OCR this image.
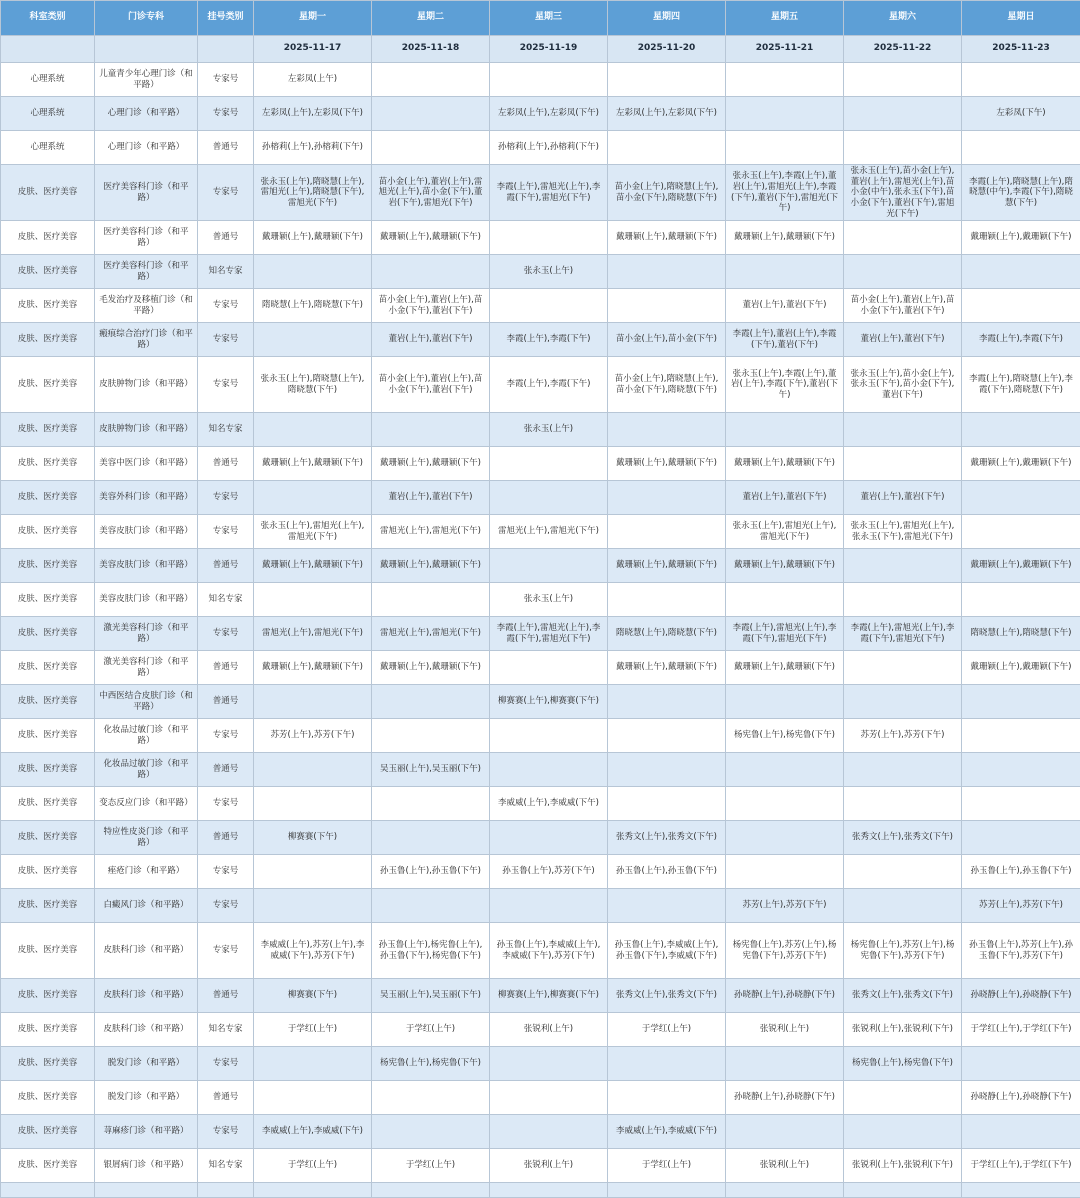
科室类别	门诊专科	挂号类别	星期一	星期二	星期三	星期四	星期五	星期六	星期日
			2025-11-17	2025-11-18	2025-11-19	2025-11-20	2025-11-21	2025-11-22	2025-11-23
心理系统	儿童青少年心理门诊（和平路）	专家号	左彩凤(上午)						
心理系统	心理门诊（和平路）	专家号	左彩凤(上午),左彩凤(下午)		左彩凤(上午),左彩凤(下午)	左彩凤(上午),左彩凤(下午)			左彩凤(下午)
心理系统	心理门诊（和平路）	普通号	孙榕莉(上午),孙榕莉(下午)		孙榕莉(上午),孙榕莉(下午)				
皮肤、医疗美容	医疗美容科门诊（和平路）	专家号	张永玉(上午),隋晓慧(上午),雷旭光(上午),隋晓慧(下午),雷旭光(下午)	苗小金(上午),董岩(上午),雷旭光(上午),苗小金(下午),董岩(下午),雷旭光(下午)	李霞(上午),雷旭光(上午),李霞(下午),雷旭光(下午)	苗小金(上午),隋晓慧(上午),苗小金(下午),隋晓慧(下午)	张永玉(上午),李霞(上午),董岩(上午),雷旭光(上午),李霞(下午),董岩(下午),雷旭光(下午)	张永玉(上午),苗小金(上午),董岩(上午),雷旭光(上午),苗小金(中午),张永玉(下午),苗小金(下午),董岩(下午),雷旭光(下午)	李霞(上午),隋晓慧(上午),隋晓慧(中午),李霞(下午),隋晓慧(下午)
皮肤、医疗美容	医疗美容科门诊（和平路）	普通号	戴珊颖(上午),戴珊颖(下午)	戴珊颖(上午),戴珊颖(下午)		戴珊颖(上午),戴珊颖(下午)	戴珊颖(上午),戴珊颖(下午)		戴珊颖(上午),戴珊颖(下午)
皮肤、医疗美容	医疗美容科门诊（和平路）	知名专家			张永玉(上午)				
皮肤、医疗美容	毛发治疗及移植门诊（和平路）	专家号	隋晓慧(上午),隋晓慧(下午)	苗小金(上午),董岩(上午),苗小金(下午),董岩(下午)			董岩(上午),董岩(下午)	苗小金(上午),董岩(上午),苗小金(下午),董岩(下午)	
皮肤、医疗美容	瘢痕综合治疗门诊（和平路）	专家号		董岩(上午),董岩(下午)	李霞(上午),李霞(下午)	苗小金(上午),苗小金(下午)	李霞(上午),董岩(上午),李霞(下午),董岩(下午)	董岩(上午),董岩(下午)	李霞(上午),李霞(下午)
皮肤、医疗美容	皮肤肿物门诊（和平路）	专家号	张永玉(上午),隋晓慧(上午),隋晓慧(下午)	苗小金(上午),董岩(上午),苗小金(下午),董岩(下午)	李霞(上午),李霞(下午)	苗小金(上午),隋晓慧(上午),苗小金(下午),隋晓慧(下午)	张永玉(上午),李霞(上午),董岩(上午),李霞(下午),董岩(下午)	张永玉(上午),苗小金(上午),张永玉(下午),苗小金(下午),董岩(下午)	李霞(上午),隋晓慧(上午),李霞(下午),隋晓慧(下午)
皮肤、医疗美容	皮肤肿物门诊（和平路）	知名专家			张永玉(上午)				
皮肤、医疗美容	美容中医门诊（和平路）	普通号	戴珊颖(上午),戴珊颖(下午)	戴珊颖(上午),戴珊颖(下午)		戴珊颖(上午),戴珊颖(下午)	戴珊颖(上午),戴珊颖(下午)		戴珊颖(上午),戴珊颖(下午)
皮肤、医疗美容	美容外科门诊（和平路）	专家号		董岩(上午),董岩(下午)			董岩(上午),董岩(下午)	董岩(上午),董岩(下午)	
皮肤、医疗美容	美容皮肤门诊（和平路）	专家号	张永玉(上午),雷旭光(上午),雷旭光(下午)	雷旭光(上午),雷旭光(下午)	雷旭光(上午),雷旭光(下午)		张永玉(上午),雷旭光(上午),雷旭光(下午)	张永玉(上午),雷旭光(上午),张永玉(下午),雷旭光(下午)	
皮肤、医疗美容	美容皮肤门诊（和平路）	普通号	戴珊颖(上午),戴珊颖(下午)	戴珊颖(上午),戴珊颖(下午)		戴珊颖(上午),戴珊颖(下午)	戴珊颖(上午),戴珊颖(下午)		戴珊颖(上午),戴珊颖(下午)
皮肤、医疗美容	美容皮肤门诊（和平路）	知名专家			张永玉(上午)				
皮肤、医疗美容	激光美容科门诊（和平路）	专家号	雷旭光(上午),雷旭光(下午)	雷旭光(上午),雷旭光(下午)	李霞(上午),雷旭光(上午),李霞(下午),雷旭光(下午)	隋晓慧(上午),隋晓慧(下午)	李霞(上午),雷旭光(上午),李霞(下午),雷旭光(下午)	李霞(上午),雷旭光(上午),李霞(下午),雷旭光(下午)	隋晓慧(上午),隋晓慧(下午)
皮肤、医疗美容	激光美容科门诊（和平路）	普通号	戴珊颖(上午),戴珊颖(下午)	戴珊颖(上午),戴珊颖(下午)		戴珊颖(上午),戴珊颖(下午)	戴珊颖(上午),戴珊颖(下午)		戴珊颖(上午),戴珊颖(下午)
皮肤、医疗美容	中西医结合皮肤门诊（和平路）	普通号			柳赛赛(上午),柳赛赛(下午)				
皮肤、医疗美容	化妆品过敏门诊（和平路）	专家号	苏芳(上午),苏芳(下午)				杨宪鲁(上午),杨宪鲁(下午)	苏芳(上午),苏芳(下午)	
皮肤、医疗美容	化妆品过敏门诊（和平路）	普通号		吴玉丽(上午),吴玉丽(下午)					
皮肤、医疗美容	变态反应门诊（和平路）	专家号			李威威(上午),李威威(下午)				
皮肤、医疗美容	特应性皮炎门诊（和平路）	普通号	柳赛赛(下午)			张秀文(上午),张秀文(下午)		张秀文(上午),张秀文(下午)	
皮肤、医疗美容	痤疮门诊（和平路）	专家号		孙玉鲁(上午),孙玉鲁(下午)	孙玉鲁(上午),苏芳(下午)	孙玉鲁(上午),孙玉鲁(下午)			孙玉鲁(上午),孙玉鲁(下午)
皮肤、医疗美容	白癜风门诊（和平路）	专家号					苏芳(上午),苏芳(下午)		苏芳(上午),苏芳(下午)
皮肤、医疗美容	皮肤科门诊（和平路）	专家号	李威威(上午),苏芳(上午),李威威(下午),苏芳(下午)	孙玉鲁(上午),杨宪鲁(上午),孙玉鲁(下午),杨宪鲁(下午)	孙玉鲁(上午),李威威(上午),李威威(下午),苏芳(下午)	孙玉鲁(上午),李威威(上午),孙玉鲁(下午),李威威(下午)	杨宪鲁(上午),苏芳(上午),杨宪鲁(下午),苏芳(下午)	杨宪鲁(上午),苏芳(上午),杨宪鲁(下午),苏芳(下午)	孙玉鲁(上午),苏芳(上午),孙玉鲁(下午),苏芳(下午)
皮肤、医疗美容	皮肤科门诊（和平路）	普通号	柳赛赛(下午)	吴玉丽(上午),吴玉丽(下午)	柳赛赛(上午),柳赛赛(下午)	张秀文(上午),张秀文(下午)	孙晓静(上午),孙晓静(下午)	张秀文(上午),张秀文(下午)	孙晓静(上午),孙晓静(下午)
皮肤、医疗美容	皮肤科门诊（和平路）	知名专家	于学红(上午)	于学红(上午)	张锐利(上午)	于学红(上午)	张锐利(上午)	张锐利(上午),张锐利(下午)	于学红(上午),于学红(下午)
皮肤、医疗美容	脱发门诊（和平路）	专家号		杨宪鲁(上午),杨宪鲁(下午)				杨宪鲁(上午),杨宪鲁(下午)	
皮肤、医疗美容	脱发门诊（和平路）	普通号					孙晓静(上午),孙晓静(下午)		孙晓静(上午),孙晓静(下午)
皮肤、医疗美容	荨麻疹门诊（和平路）	专家号	李威威(上午),李威威(下午)			李威威(上午),李威威(下午)			
皮肤、医疗美容	银屑病门诊（和平路）	知名专家	于学红(上午)	于学红(上午)	张锐利(上午)	于学红(上午)	张锐利(上午)	张锐利(上午),张锐利(下午)	于学红(上午),于学红(下午)
